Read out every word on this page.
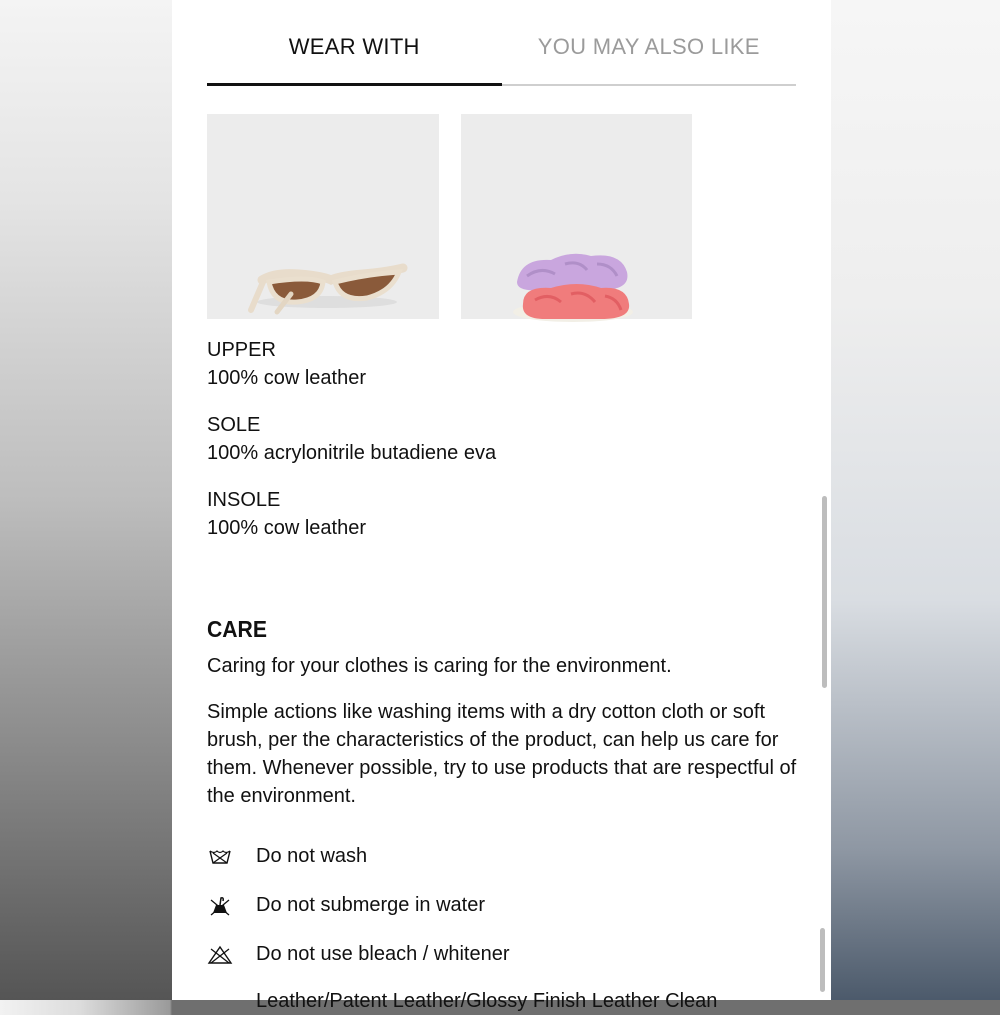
WEAR WITH	YOU MAY ALSO LIKE
UPPER
100% cow leather
SOLE
100% acrylonitrile butadiene eva
INSOLE
100% cow leather
CARE
Caring for your clothes is caring for the environment.
Simple actions like washing items with a dry cotton cloth or soft brush, per the characteristics of the product, can help us care for them. Whenever possible, try to use products that are respectful of the environment.
Do not wash
Do not submerge in water
Do not use bleach / whitener
Leather/Patent Leather/Glossy Finish Leather Clean
